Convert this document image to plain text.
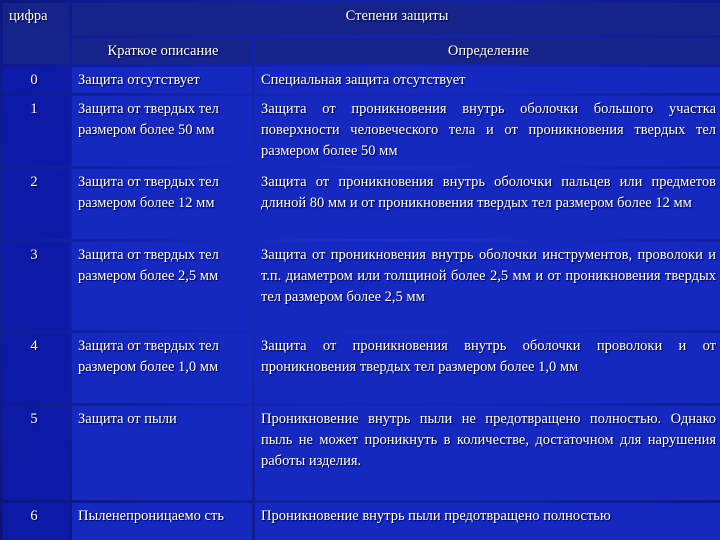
цифра	Степени защиты	
	Краткое описание	Определение
0	Защита отсутствует	Специальная защита отсутствует
1	Защита от твердых тел размером более 50 мм	Защита от проникновения внутрь оболочки большого участка поверхности человеческого тела и от проникновения твердых тел размером более 50 мм
2	Защита от твердых тел размером более 12 мм	Защита от проникновения внутрь оболочки пальцев или предметов длиной 80 мм и от проникновения твердых тел размером более 12 мм
3	Защита от твердых тел размером более 2,5 мм	Защита от проникновения внутрь оболочки инструментов, проволоки и т.п. диаметром или толщиной более 2,5 мм и от проникновения твердых тел размером более 2,5 мм
4	Защита от твердых тел размером более 1,0 мм	Защита от проникновения внутрь оболочки проволоки и от проникновения твердых тел размером более 1,0 мм
5	Защита от пыли	Проникновение внутрь пыли не предотвращено полностью. Однако пыль не может проникнуть в количестве, достаточном для нарушения работы изделия.
6	Пыленепроницаемо сть	Проникновение внутрь пыли предотвращено полностью
